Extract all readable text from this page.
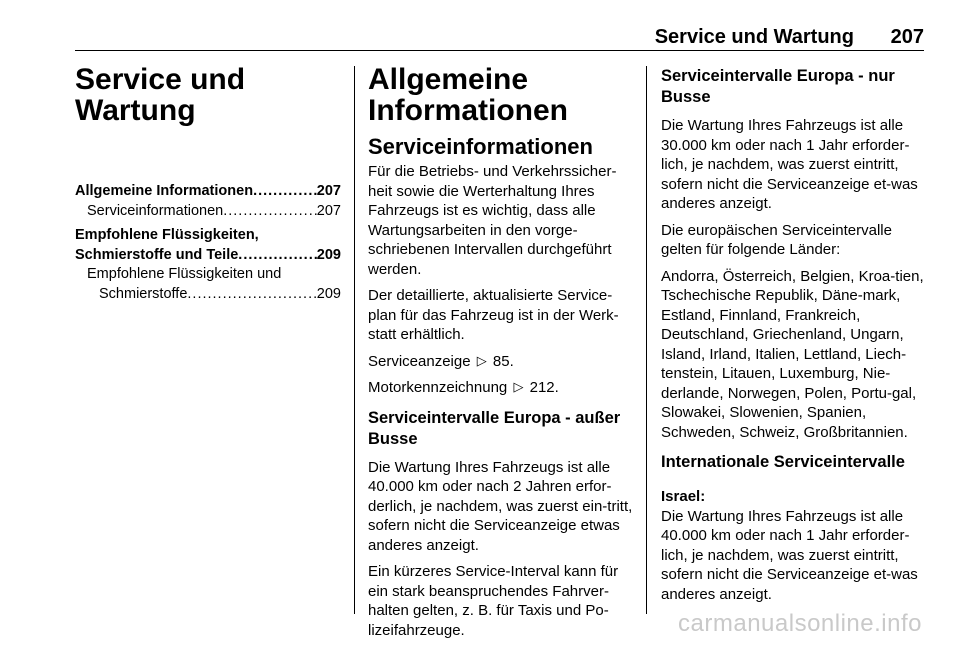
Service und Wartung 207
Service und
Wartung
Allgemeine Informationen .....	207
Serviceinformationen .....	207
Empfohlene Flüssigkeiten,
Schmierstoffe und Teile .....	209
Empfohlene Flüssigkeiten und
Schmierstoffe .....	209
Allgemeine
Informationen
Serviceinformationen

Für die Betriebs- und Verkehrssicher-heit sowie die Werterhaltung Ihres Fahrzeugs ist es wichtig, dass alle Wartungsarbeiten in den vorge-schriebenen Intervallen durchgeführt werden.

Der detaillierte, aktualisierte Service-plan für das Fahrzeug ist in der Werk-statt erhältlich.

Serviceanzeige ▷ 85.

Motorkennzeichnung ▷ 212.

Serviceintervalle Europa - außer
Busse

Die Wartung Ihres Fahrzeugs ist alle 40.000 km oder nach 2 Jahren erfor-derlich, je nachdem, was zuerst ein-tritt, sofern nicht die Serviceanzeige etwas anderes anzeigt.

Ein kürzeres Service-Interval kann für ein stark beanspruchendes Fahrver-halten gelten, z. B. für Taxis und Po-lizeifahrzeuge.

Serviceintervalle Europa - nur
Busse

Die Wartung Ihres Fahrzeugs ist alle 30.000 km oder nach 1 Jahr erforder-lich, je nachdem, was zuerst eintritt, sofern nicht die Serviceanzeige et-was anderes anzeigt.

Die europäischen Serviceintervalle gelten für folgende Länder:

Andorra, Österreich, Belgien, Kroa-tien, Tschechische Republik, Däne-mark, Estland, Finnland, Frankreich, Deutschland, Griechenland, Ungarn, Island, Irland, Italien, Lettland, Liech-tenstein, Litauen, Luxemburg, Nie-derlande, Norwegen, Polen, Portu-gal, Slowakei, Slowenien, Spanien, Schweden, Schweiz, Großbritannien.

Internationale Serviceintervalle
Israel:

Die Wartung Ihres Fahrzeugs ist alle 40.000 km oder nach 1 Jahr erforder-lich, je nachdem, was zuerst eintritt, sofern nicht die Serviceanzeige et-was anderes anzeigt.

carmanualsonline.info
